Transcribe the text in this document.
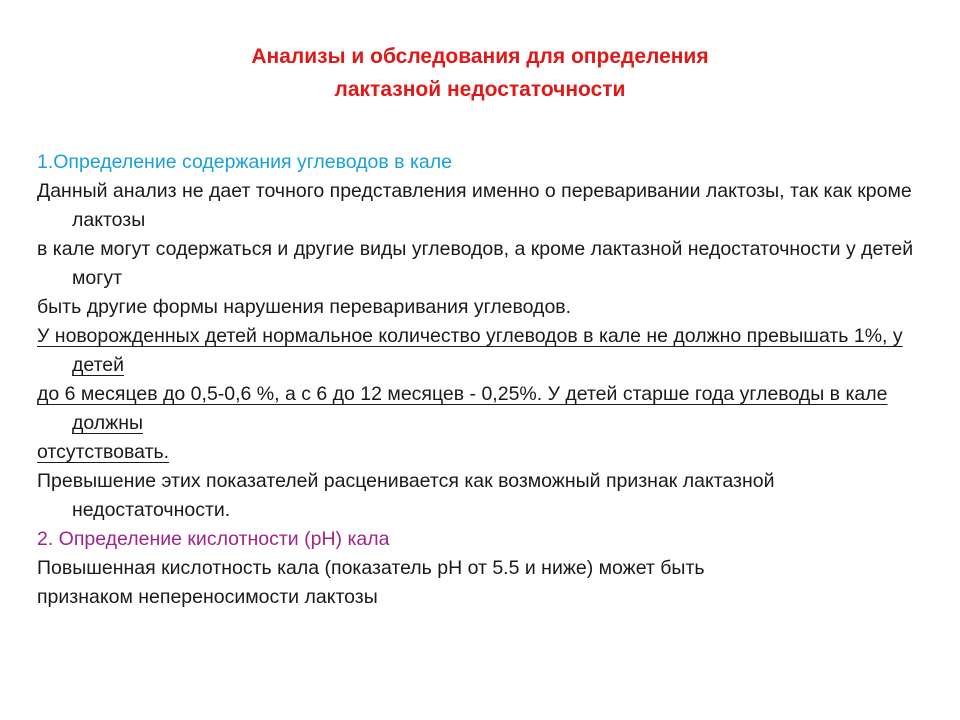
Анализы и обследования для определения
лактазной недостаточности

1.Определение содержания углеводов в кале

Данный анализ не дает точного представления именно о переваривании лактозы, так как кроме лактозы

в кале могут содержаться и другие виды углеводов, а кроме лактазной недостаточности у детей могут

быть другие формы нарушения переваривания углеводов.

У новорожденных детей нормальное количество углеводов в кале не должно превышать 1%, у детей

до 6 месяцев до 0,5-0,6 %, а с 6 до 12 месяцев - 0,25%. У детей старше года углеводы в кале должны

отсутствовать.

Превышение этих показателей расценивается как возможный признак лактазной недостаточности.

2. Определение кислотности (pH) кала

Повышенная кислотность кала (показатель pH от 5.5 и ниже) может быть

признаком непереносимости лактозы
